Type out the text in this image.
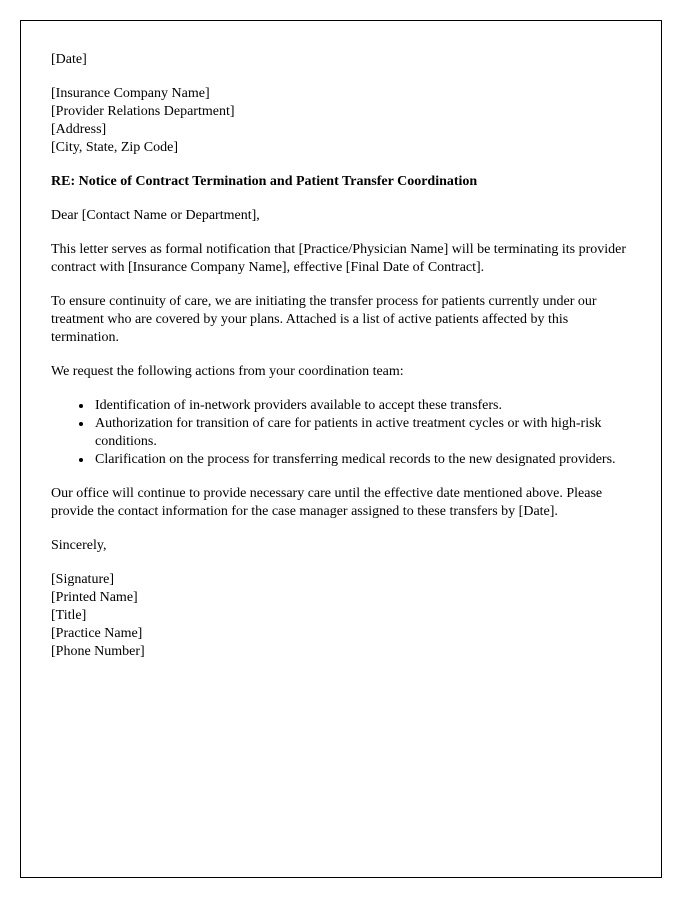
[Date]
[Insurance Company Name]
[Provider Relations Department]
[Address]
[City, State, Zip Code]
RE: Notice of Contract Termination and Patient Transfer Coordination
Dear [Contact Name or Department],
This letter serves as formal notification that [Practice/Physician Name] will be terminating its provider contract with [Insurance Company Name], effective [Final Date of Contract].
To ensure continuity of care, we are initiating the transfer process for patients currently under our treatment who are covered by your plans. Attached is a list of active patients affected by this termination.
We request the following actions from your coordination team:
• Identification of in-network providers available to accept these transfers.
• Authorization for transition of care for patients in active treatment cycles or with high-risk conditions.
• Clarification on the process for transferring medical records to the new designated providers.
Our office will continue to provide necessary care until the effective date mentioned above. Please provide the contact information for the case manager assigned to these transfers by [Date].
Sincerely,
[Signature]
[Printed Name]
[Title]
[Practice Name]
[Phone Number]
